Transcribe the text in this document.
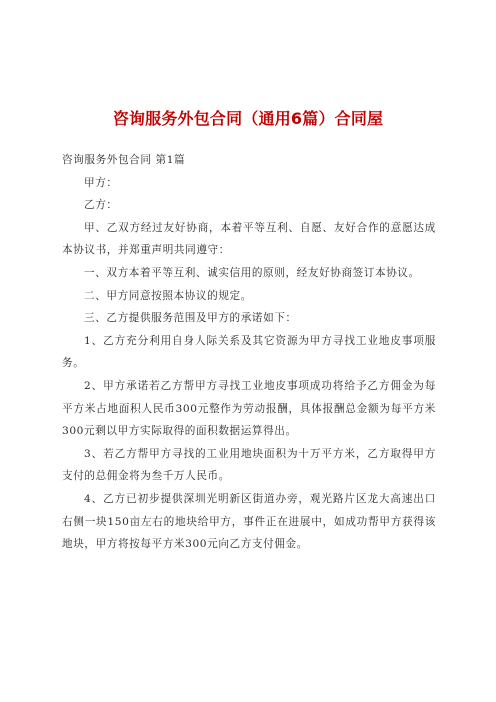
咨询服务外包合同（通用6篇）合同屋

咨询服务外包合同 第1篇

甲方：

乙方：

甲、乙双方经过友好协商，本着平等互利、自愿、友好合作的意愿达成本协议书，并郑重声明共同遵守：

一、双方本着平等互利、诚实信用的原则，经友好协商签订本协议。

二、甲方同意按照本协议的规定。

三、乙方提供服务范围及甲方的承诺如下：

1、乙方充分利用自身人际关系及其它资源为甲方寻找工业地皮事项服务。

2、甲方承诺若乙方帮甲方寻找工业地皮事项成功将给予乙方佣金为每平方米占地面积人民币300元整作为劳动报酬，具体报酬总金额为每平方米300元剩以甲方实际取得的面积数据运算得出。

3、若乙方帮甲方寻找的工业用地块面积为十万平方米，乙方取得甲方支付的总佣金将为叁千万人民币。

4、乙方已初步提供深圳光明新区街道办旁，观光路片区龙大高速出口右侧一块150亩左右的地块给甲方，事件正在进展中，如成功帮甲方获得该地块，甲方将按每平方米300元向乙方支付佣金。
